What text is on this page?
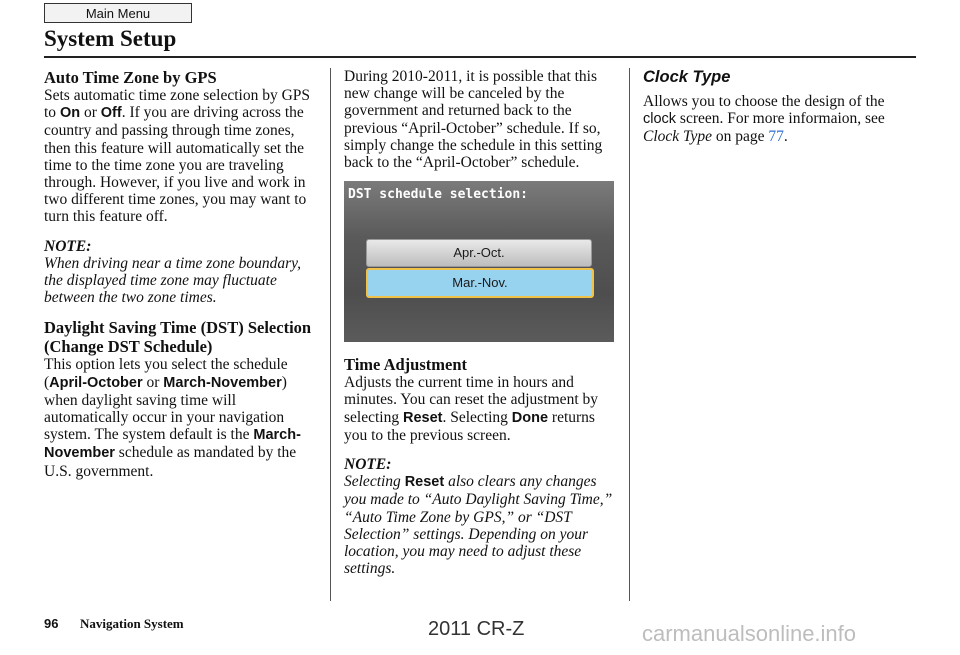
Main Menu
System Setup
Auto Time Zone by GPS

Sets automatic time zone selection by GPS to On or Off. If you are driving across the country and passing through time zones, then this feature will automatically set the time to the time zone you are traveling through. However, if you live and work in two different time zones, you may want to turn this feature off.

NOTE:

When driving near a time zone boundary, the displayed time zone may fluctuate between the two zone times.

Daylight Saving Time (DST) Selection (Change DST Schedule)

This option lets you select the schedule (April-October or March-November) when daylight saving time will automatically occur in your navigation system. The system default is the March-November schedule as mandated by the U.S. government.

During 2010-2011, it is possible that this new change will be canceled by the government and returned back to the previous “April-October” schedule. If so, simply change the schedule in this setting back to the “April-October” schedule.

DST schedule selection:
Apr.-Oct.
Mar.-Nov.
Time Adjustment

Adjusts the current time in hours and minutes. You can reset the adjustment by selecting Reset. Selecting Done returns you to the previous screen.

NOTE:

Selecting Reset also clears any changes you made to “Auto Daylight Saving Time,” “Auto Time Zone by GPS,” or “DST Selection” settings. Depending on your location, you may need to adjust these settings.

Clock Type

Allows you to choose the design of the clock screen. For more informaion, see Clock Type on page 77.

96 Navigation System	2011 CR-Z	carmanualsonline.info
